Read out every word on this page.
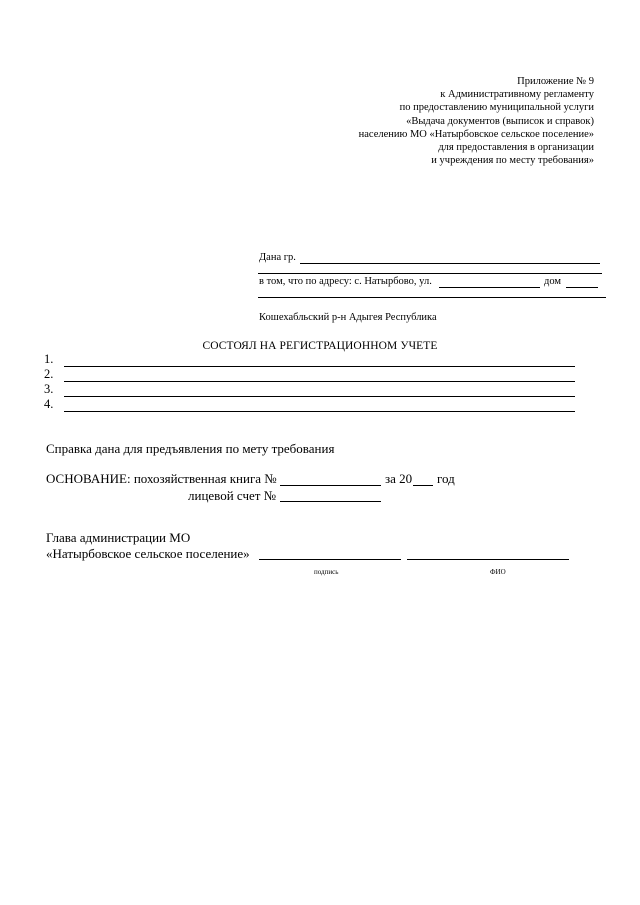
Приложение № 9
к Административному регламенту
по предоставлению муниципальной услуги
«Выдача документов (выписок и справок)
населению МО «Натырбовское сельское поселение»
для предоставления в организации
и учреждения по месту требования»
Дана гр.
в том, что по адресу: с. Натырбово, ул.	дом
Кошехабльский р-н Адыгея Республика
СОСТОЯЛ НА РЕГИСТРАЦИОННОМ УЧЕТЕ
1.
2.
3.
4.
Справка дана для предъявления по мету требования
ОСНОВАНИЕ: похозяйственная книга №	за 20 год
лицевой счет №
Глава администрации МО
«Натырбовское сельское поселение»
подпись	ФИО
